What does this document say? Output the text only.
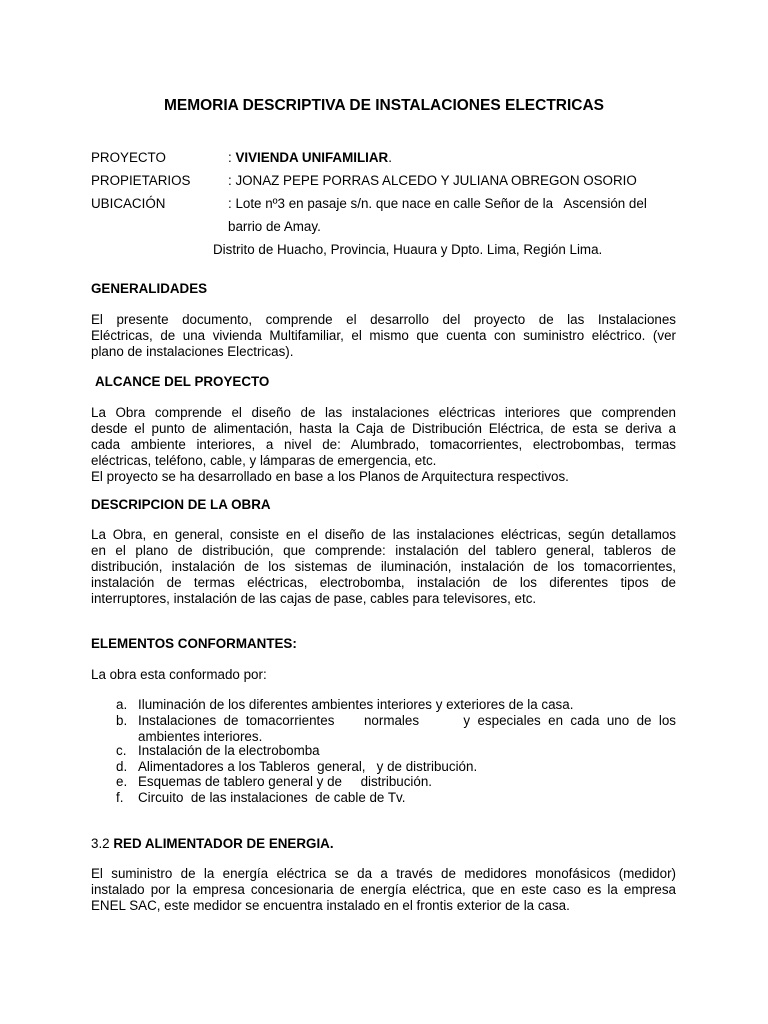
MEMORIA DESCRIPTIVA DE INSTALACIONES ELECTRICAS
PROYECTO	: VIVIENDA UNIFAMILIAR.
PROPIETARIOS	: JONAZ PEPE PORRAS ALCEDO Y JULIANA OBREGON OSORIO
UBICACIÓN	: Lote nº3 en pasaje s/n. que nace en calle Señor de la   Ascensión del
barrio de Amay.
Distrito de Huacho, Provincia, Huaura y Dpto. Lima, Región Lima.
GENERALIDADES
El presente documento, comprende el desarrollo del proyecto de las Instalaciones
Eléctricas, de una vivienda Multifamiliar, el mismo que cuenta con suministro eléctrico. (ver
plano de instalaciones Electricas).
ALCANCE DEL PROYECTO
La Obra comprende el diseño de las instalaciones eléctricas interiores que comprenden
desde el punto de alimentación, hasta la Caja de Distribución Eléctrica, de esta se deriva a
cada ambiente interiores, a nivel de: Alumbrado, tomacorrientes, electrobombas, termas
eléctricas, teléfono, cable, y lámparas de emergencia, etc.
El proyecto se ha desarrollado en base a los Planos de Arquitectura respectivos.
DESCRIPCION DE LA OBRA
La Obra, en general, consiste en el diseño de las instalaciones eléctricas, según detallamos
en el plano de distribución, que comprende: instalación del tablero general, tableros de
distribución, instalación de los sistemas de iluminación, instalación de los tomacorrientes,
instalación de termas eléctricas, electrobomba, instalación de los diferentes tipos de
interruptores, instalación de las cajas de pase, cables para televisores, etc.
ELEMENTOS CONFORMANTES:
La obra esta conformado por:
a. Iluminación de los diferentes ambientes interiores y exteriores de la casa.
b. Instalaciones de tomacorrientes    normales      y especiales en cada uno de los
ambientes interiores.
c. Instalación de la electrobomba
d. Alimentadores a los Tableros  general,   y de distribución.
e. Esquemas de tablero general y de     distribución.
f. Circuito  de las instalaciones  de cable de Tv.
3.2 RED ALIMENTADOR DE ENERGIA.
El suministro de la energía eléctrica se da a través de medidores monofásicos (medidor)
instalado por la empresa concesionaria de energía eléctrica, que en este caso es la empresa
ENEL SAC, este medidor se encuentra instalado en el frontis exterior de la casa.
